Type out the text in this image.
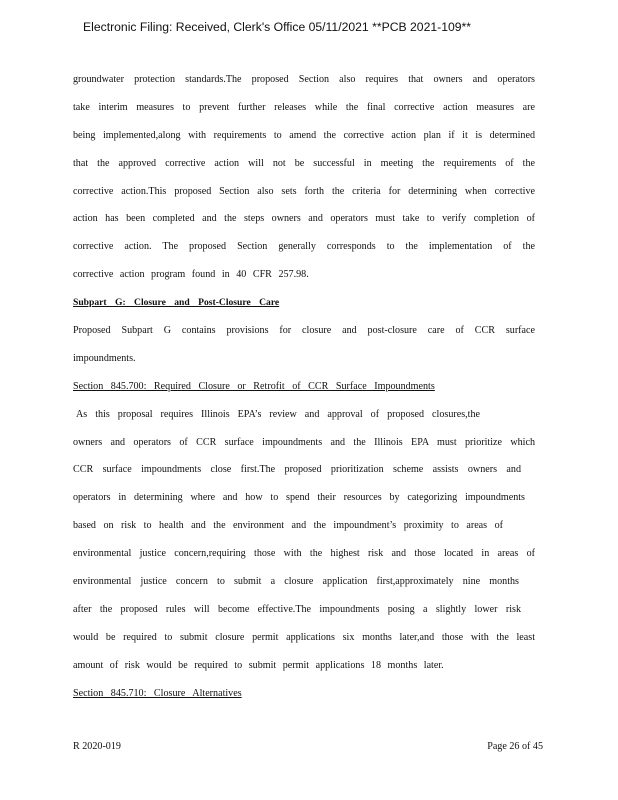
Electronic Filing: Received, Clerk's Office 05/11/2021 **PCB 2021-109**
groundwater protection standards.The proposed Section also requires that owners and operators
take interim measures to prevent further releases while the final corrective action measures are
being implemented,along with requirements to amend the corrective action plan if it is determined
that the approved corrective action will not be successful in meeting the requirements of the
corrective action.This proposed Section also sets forth the criteria for determining when corrective
action has been completed and the steps owners and operators must take to verify completion of
corrective action. The proposed Section generally corresponds to the implementation of the
corrective action program found in 40 CFR 257.98.
Subpart G: Closure and Post-Closure Care
Proposed Subpart G contains provisions for closure and post-closure care of CCR surface
impoundments.
Section 845.700: Required Closure or Retrofit of CCR Surface Impoundments
As this proposal requires Illinois EPA’s review and approval of proposed closures,the
owners and operators of CCR surface impoundments and the Illinois EPA must prioritize which
CCR surface impoundments close first.The proposed prioritization scheme assists owners and
operators in determining where and how to spend their resources by categorizing impoundments
based on risk to health and the environment and the impoundment’s proximity to areas of
environmental justice concern,requiring those with the highest risk and those located in areas of
environmental justice concern to submit a closure application first,approximately nine months
after the proposed rules will become effective.The impoundments posing a slightly lower risk
would be required to submit closure permit applications six months later,and those with the least
amount of risk would be required to submit permit applications 18 months later.
Section 845.710: Closure Alternatives
R 2020-019	Page 26 of 45
